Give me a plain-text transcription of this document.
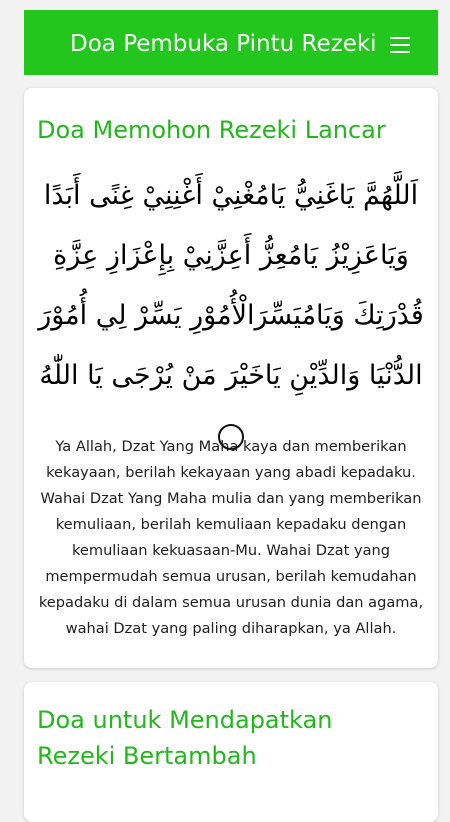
Doa Pembuka Pintu Rezeki
Doa Memohon Rezeki Lancar

اَللَّهُمَّ يَاغَنِيُّ يَامُغْنِيْ أَغْنِنِيْ غِنًى أَبَدًا وَيَاعَزِيْزُ يَامُعِزُّ أَعِزَّنِيْ بِإِعْزَازِ عِزَّةِ قُدْرَتِكَ وَيَامُيَسِّرَالْأُمُوْرِ يَسِّرْ لِي أُمُوْرَ الدُّنْيَا وَالدِّيْنِ يَاخَيْرَ مَنْ يُرْجَى يَا اللّٰهُ

Ya Allah, Dzat Yang Maha kaya dan memberikan kekayaan, berilah kekayaan yang abadi kepadaku. Wahai Dzat Yang Maha mulia dan yang memberikan kemuliaan, berilah kemuliaan kepadaku dengan kemuliaan kekuasaan-Mu. Wahai Dzat yang mempermudah semua urusan, berilah kemudahan kepadaku di dalam semua urusan dunia dan agama, wahai Dzat yang paling diharapkan, ya Allah.

Doa untuk Mendapatkan Rezeki Bertambah
